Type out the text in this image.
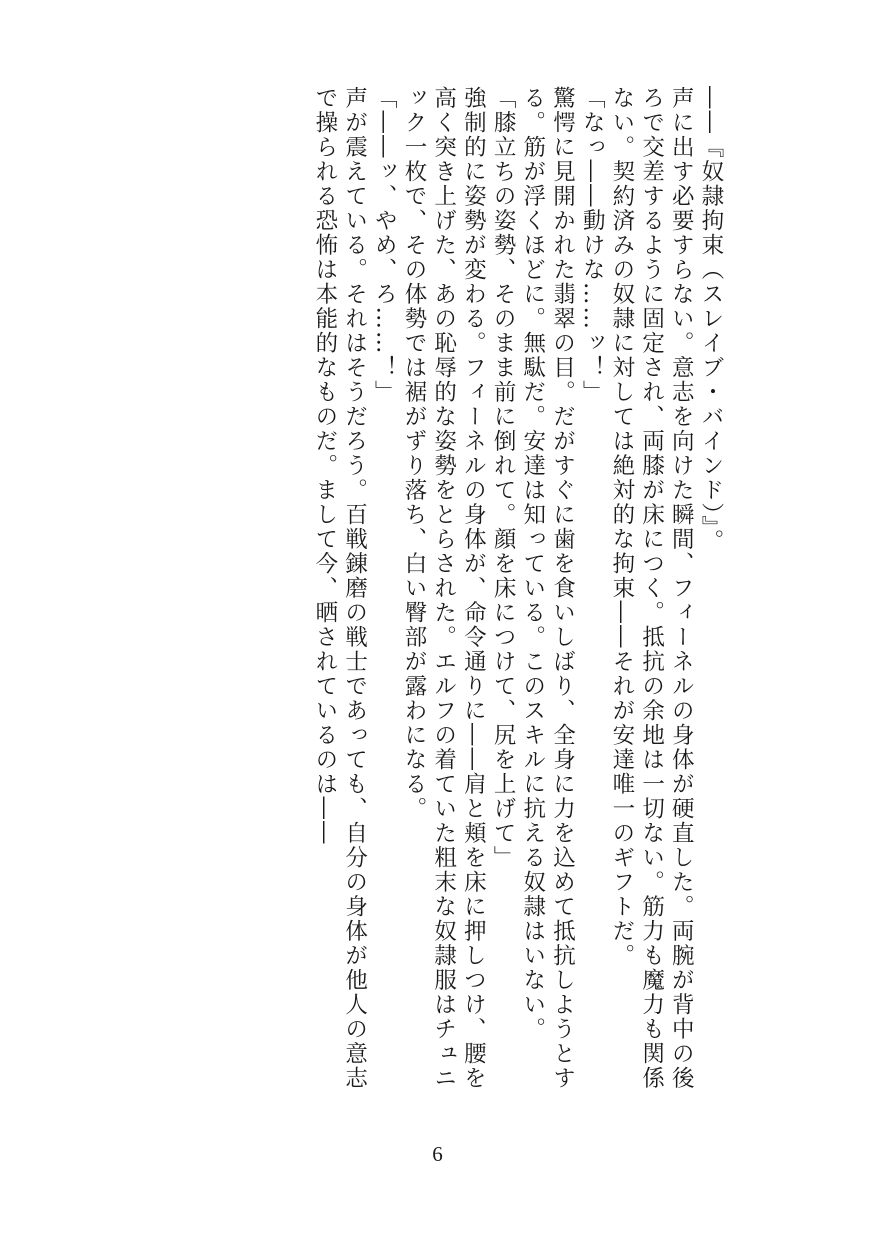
――『奴隷拘束（スレイブ・バインド）』。

声に出す必要すらない。意志を向けた瞬間、フィーネルの身体が硬直した。両腕が背中の後ろで交差するように固定され、両膝が床につく。抵抗の余地は一切ない。筋力も魔力も関係ない。契約済みの奴隷に対しては絶対的な拘束――それが安達唯一のギフトだ。

「なっ――動けな……ッ！」

驚愕に見開かれた翡翠の目。だがすぐに歯を食いしばり、全身に力を込めて抵抗しようとする。筋が浮くほどに。無駄だ。安達は知っている。このスキルに抗える奴隷はいない。

「膝立ちの姿勢、そのまま前に倒れて。顔を床につけて、尻を上げて」

強制的に姿勢が変わる。フィーネルの身体が、命令通りに――肩と頬を床に押しつけ、腰を高く突き上げた、あの恥辱的な姿勢をとらされた。エルフの着ていた粗末な奴隷服はチュニック一枚で、その体勢では裾がずり落ち、白い臀部が露わになる。

「――ッ、やめ、ろ……！」

声が震えている。それはそうだろう。百戦錬磨の戦士であっても、自分の身体が他人の意志で操られる恐怖は本能的なものだ。まして今、晒されているのは――

6
